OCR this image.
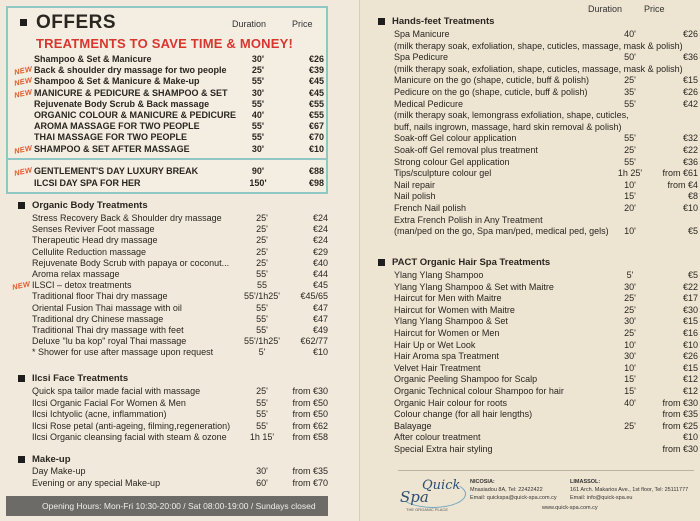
OFFERS	Duration	Price
TREATMENTS TO SAVE TIME & MONEY!
Shampoo & Set & Manicure	30'	€26
Back & shoulder dry massage for two people	25'	€39
NEW
Shampoo & Set & Manicure & Make-up	55'	€45
NEW
MANICURE & PEDICURE & SHAMPOO & SET	30'	€45
NEW
Rejuvenate Body Scrub & Back massage	55'	€55
ORGANIC COLOUR & MANICURE & PEDICURE	40'	€55
AROMA MASSAGE FOR TWO PEOPLE	55'	€67
THAI MASSAGE FOR TWO PEOPLE	55'	€70
SHAMPOO & SET AFTER MASSAGE	30'	€10
NEW
GENTLEMENT'S DAY LUXURY BREAK	90'	€88
NEW
ILCSI DAY SPA FOR HER	150'	€98
Organic Body Treatments
Stress Recovery Back & Shoulder dry massage	25'	€24
Senses Reviver Foot massage	25'	€24
Therapeutic Head dry massage	25'	€24
Cellulite Reduction massage	25'	€29
Rejuvenate Body Scrub with papaya or coconut...	25'	€40
Aroma relax massage	55'	€44
ILSCI – detox treatments	55	€45
NEW
Traditional floor Thai dry massage	55'/1h25'	€45/65
Oriental Fusion Thai massage with oil	55'	€47
Traditional dry Chinese massage	55'	€47
Traditional Thai dry massage with feet	55'	€49
Deluxe "lu ba kop" royal Thai massage	55'/1h25'	€62/77
* Shower for use after massage upon request	5'	€10
Ilcsi Face Treatments
Quick spa tailor made facial with massage	25'	from €30
Ilcsi Organic Facial For Women & Men	55'	from €50
Ilcsi Ichtyolic (acne, inflammation)	55'	from €50
Ilcsi Rose petal (anti-ageing, filming,regeneration)	55'	from €62
Ilcsi Organic cleansing facial with steam & ozone	1h 15'	from €58
Make-up
Day Make-up	30'	from €35
Evening or any special Make-up	60'	from €70
Opening Hours: Mon-Fri 10:30-20:00 / Sat 08:00-19:00 / Sundays closed
Duration Price
Hands-feet Treatments
Spa Manicure	40'	€26
(milk therapy soak, exfoliation, shape, cuticles, massage, mask & polish)
Spa Pedicure	50'	€36
(milk therapy soak, exfoliation, shape, cuticles, massage, mask & polish)
Manicure on the go (shape, cuticle, buff & polish)	25'	€15
Pedicure on the go (shape, cuticle, buff & polish)	35'	€26
Medical Pedicure	55'	€42
(milk therapy soak, lemongrass exfoliation, shape, cuticles,
buff, nails ingrown, massage, hard skin removal & polish)
Soak-off Gel colour application	55'	€32
Soak-off Gel removal plus treatment	25'	€22
Strong colour Gel application	55'	€36
Tips/sculpture colour gel	1h 25'	from €61
Nail repair	10'	from €4
Nail polish	15'	€8
French Nail polish	20'	€10
Extra French Polish in Any Treatment
(man/ped on the go, Spa man/ped, medical ped, gels)	10'	€5
PACT Organic Hair Spa Treatments
Ylang Ylang Shampoo	5'	€5
Ylang Ylang Shampoo & Set with Maitre	30'	€22
Haircut for Men with Maitre	25'	€17
Haircut for Women with Maitre	25'	€30
Ylang Ylang Shampoo & Set	30'	€15
Haircut for Women or Men	25'	€16
Hair Up or Wet Look	10'	€10
Hair Aroma spa Treatment	30'	€26
Velvet Hair Treatment	10'	€15
Organic Peeling Shampoo for Scalp	15'	€12
Organic Technical colour Shampoo for hair	15'	€12
Organic Hair colour for roots	40'	from €30
Colour change (for all hair lengths)	from €35
Balayage	25'	from €25
After colour treatment	€10
Special Extra hair styling	from €30
Quick
Spa
THE ORGANIC PLACE
NICOSIA:
Mnasiadou 8A, Tel: 22422422
Email: quickspa@quick-spa.com.cy
LIMASSOL:
161 Arch. Makarios Ave., 1st floor, Tel: 25111777
Email: info@quick-spa.eu
www.quick-spa.com.cy
